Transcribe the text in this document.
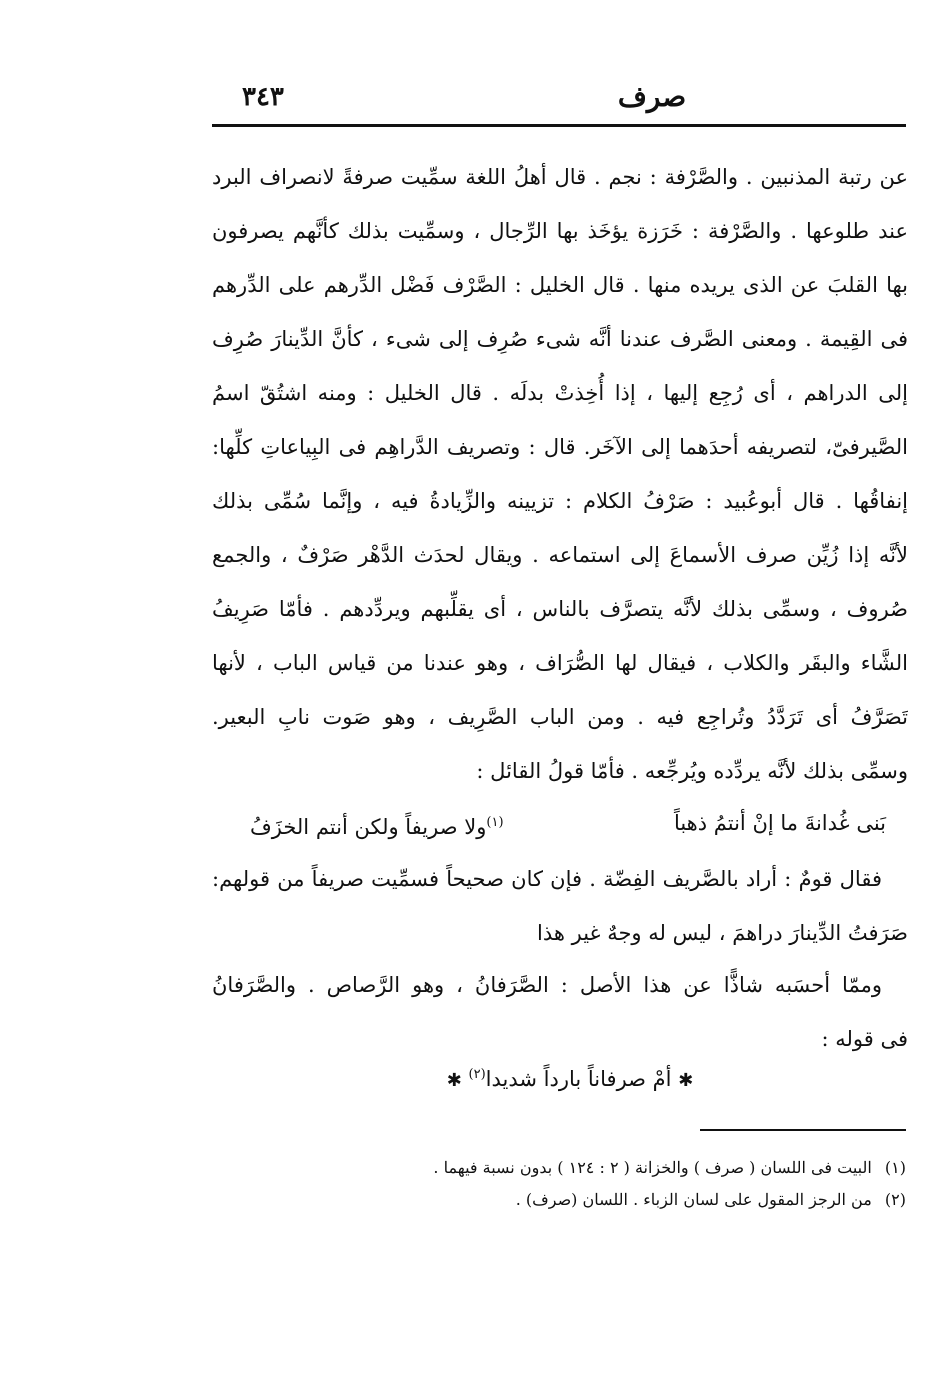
٣٤٣	صرف
عن رتبة المذنبين . والصَّرْفة : نجم . قال أهلُ اللغة سمِّيت صرفةً لانصراف البرد
عند طلوعها . والصَّرْفة : خَرَزة يؤخَذ بها الرِّجال ، وسمِّيت بذلك كأنَّهم يصرفون
بها القلبَ عن الذى يريده منها . قال الخليل : الصَّرْف فَضْل الدِّرهم على الدِّرهم
فى القِيمة . ومعنى الصَّرف عندنا أنَّه شىء صُرِف إلى شىء ، كأنَّ الدِّينارَ صُرِف
إلى الدراهم ، أى رُجِع إليها ، إذا أُخِذتْ بدلَه . قال الخليل : ومنه اشتُقّ اسمُ
الصَّيرفىّ، لتصريفه أحدَهما إلى الآخَر. قال : وتصريف الدَّراهِم فى البِياعاتِ كلِّها:
إنفاقُها . قال أبوعُبيد : صَرْفُ الكلام : تزيينه والزِّيادةُ فيه ، وإنَّما سُمِّى بذلك
لأنَّه إذا زُيِّن صرف الأسماعَ إلى استماعه . ويقال لحدَث الدَّهْر صَرْفٌ ، والجمع
صُروف ، وسمِّى بذلك لأنَّه يتصرَّف بالناس ، أى يقلِّبهم ويردِّدهم . فأمّا صَرِيفُ
الشَّاء والبقَر والكلاب ، فيقال لها الصُّرَاف ، وهو عندنا من قياس الباب ، لأنها
تَصَرَّفُ أى تَرَدَّدُ وتُراجِع فيه . ومن الباب الصَّرِيف ، وهو صَوت نابِ البعير.
وسمِّى بذلك لأنَّه يردِّده ويُرجِّعه . فأمّا قولُ القائل :
بَنى غُدانةَ ما إنْ أنتمُ ذهباً
$^{(١)}$ولا صريفاً ولكن أنتم الخزَفُ
فقال قومٌ : أراد بالصَّريف الفِضّة . فإن كان صحيحاً فسمِّيت صريفاً من قولهم:
صَرَفتُ الدِّينارَ دراهمَ ، ليس له وجهٌ غير هذا
وممّا أحسَبه شاذًّا عن هذا الأصل : الصَّرَفانُ ، وهو الرَّصاص . والصَّرَفانُ
فى قوله :
✱ أمْ صرفاناً بارداً شديدا$^{(٢)}$ ✱
(١) البيت فى اللسان ( صرف ) والخزانة ( ٢ : ١٢٤ ) بدون نسبة فيهما .
(٢) من الرجز المقول على لسان الزباء . اللسان (صرف) .
